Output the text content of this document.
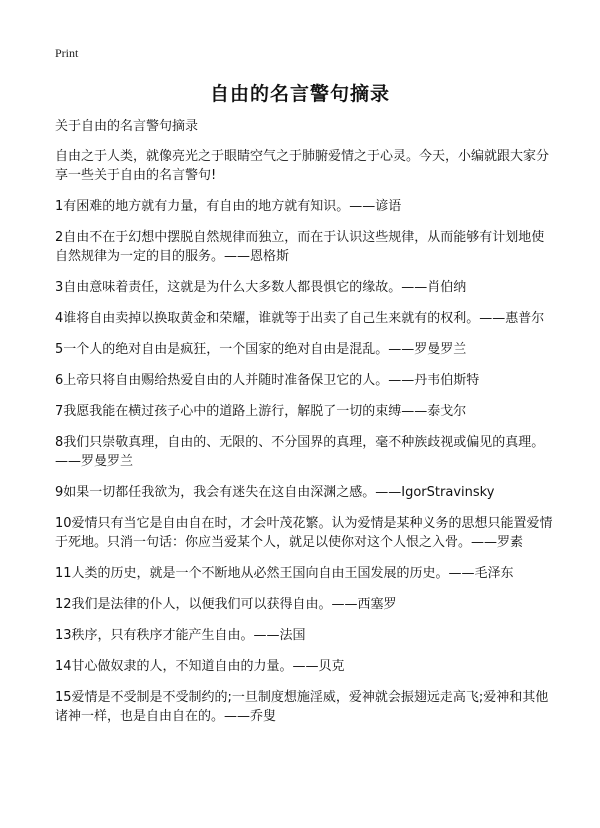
Print
自由的名言警句摘录

关于自由的名言警句摘录

自由之于人类，就像亮光之于眼睛空气之于肺腑爱情之于心灵。今天，小编就跟大家分享一些关于自由的名言警句!

1有困难的地方就有力量，有自由的地方就有知识。——谚语

2自由不在于幻想中摆脱自然规律而独立，而在于认识这些规律，从而能够有计划地使自然规律为一定的目的服务。——恩格斯

3自由意味着责任，这就是为什么大多数人都畏惧它的缘故。——肖伯纳

4谁将自由卖掉以换取黄金和荣耀，谁就等于出卖了自己生来就有的权利。——惠普尔

5一个人的绝对自由是疯狂，一个国家的绝对自由是混乱。——罗曼罗兰

6上帝只将自由赐给热爱自由的人并随时准备保卫它的人。——丹韦伯斯特

7我愿我能在横过孩子心中的道路上游行，解脱了一切的束缚——泰戈尔

8我们只崇敬真理，自由的、无限的、不分国界的真理，毫不种族歧视或偏见的真理。——罗曼罗兰

9如果一切都任我欲为，我会有迷失在这自由深渊之感。——IgorStravinsky

10爱情只有当它是自由自在时，才会叶茂花繁。认为爱情是某种义务的思想只能置爱情于死地。只消一句话：你应当爱某个人，就足以使你对这个人恨之入骨。——罗素

11人类的历史，就是一个不断地从必然王国向自由王国发展的历史。——毛泽东

12我们是法律的仆人，以便我们可以获得自由。——西塞罗

13秩序，只有秩序才能产生自由。——法国

14甘心做奴隶的人，不知道自由的力量。——贝克

15爱情是不受制是不受制约的;一旦制度想施淫威，爱神就会振翅远走高飞;爱神和其他诸神一样，也是自由自在的。——乔叟
